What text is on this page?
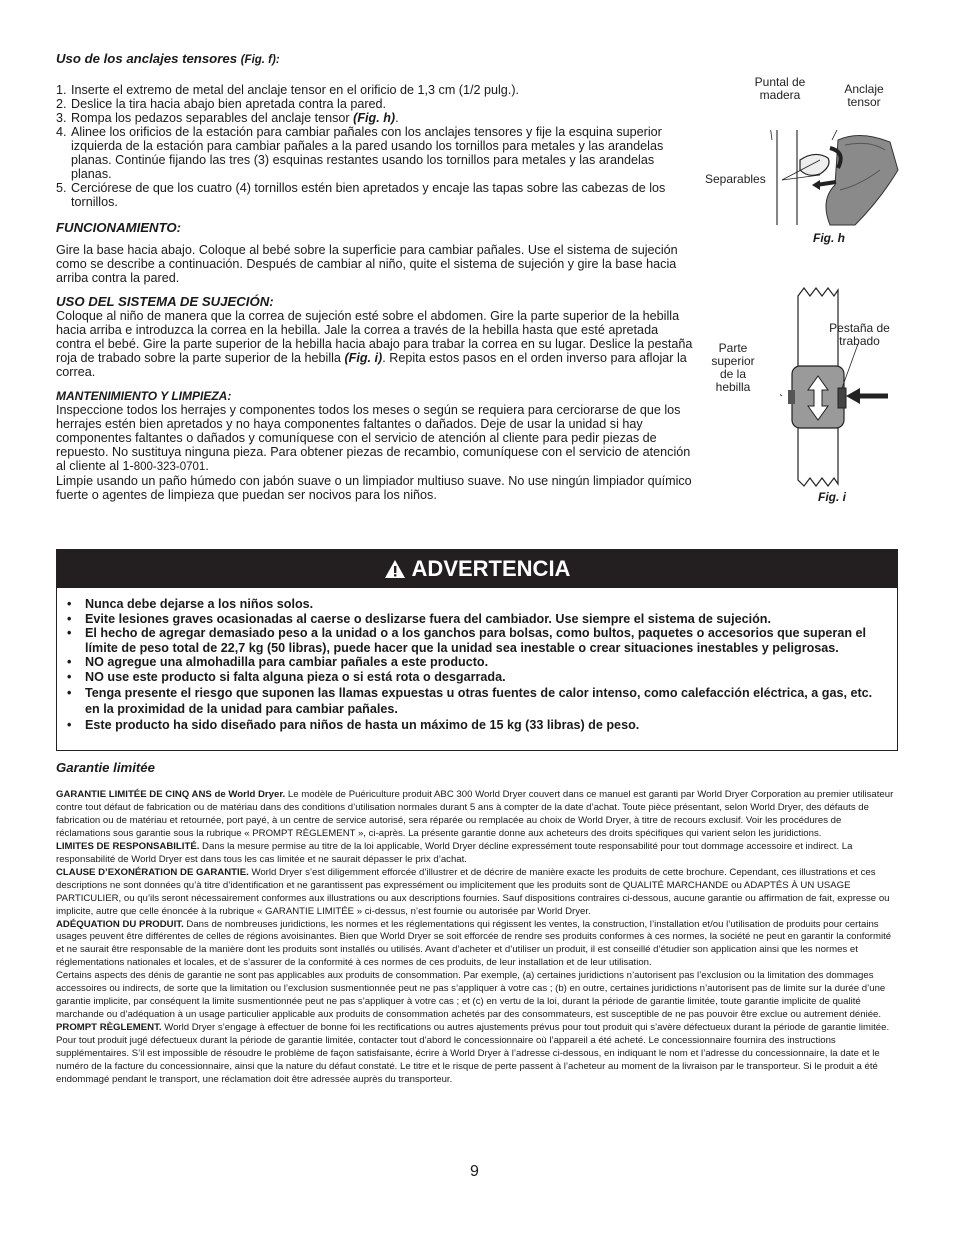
Uso de los anclajes tensores (Fig. f):
1. Inserte el extremo de metal del anclaje tensor en el orificio de 1,3 cm (1/2 pulg.).
2. Deslice la tira hacia abajo bien apretada contra la pared.
3. Rompa los pedazos separables del anclaje tensor (Fig. h).
4. Alinee los orificios de la estación para cambiar pañales con los anclajes tensores y fije la esquina superior izquierda de la estación para cambiar pañales a la pared usando los tornillos para metales y las arandelas planas. Continúe fijando las tres (3) esquinas restantes usando los tornillos para metales y las arandelas planas.
5. Cerciórese de que los cuatro (4) tornillos estén bien apretados y encaje las tapas sobre las cabezas de los tornillos.
FUNCIONAMIENTO:

Gire la base hacia abajo. Coloque al bebé sobre la superficie para cambiar pañales. Use el sistema de sujeción como se describe a continuación. Después de cambiar al niño, quite el sistema de sujeción y gire la base hacia arriba contra la pared.

USO DEL SISTEMA DE SUJECIÓN:

Coloque al niño de manera que la correa de sujeción esté sobre el abdomen. Gire la parte superior de la hebilla hacia arriba e introduzca la correa en la hebilla. Jale la correa a través de la hebilla hasta que esté apretada contra el bebé. Gire la parte superior de la hebilla hacia abajo para trabar la correa en su lugar. Deslice la pestaña roja de trabado sobre la parte superior de la hebilla (Fig. i). Repita estos pasos en el orden inverso para aflojar la correa.

MANTENIMIENTO Y LIMPIEZA:

Inspeccione todos los herrajes y componentes todos los meses o según se requiera para cerciorarse de que los herrajes estén bien apretados y no haya componentes faltantes o dañados. Deje de usar la unidad si hay componentes faltantes o dañados y comuníquese con el servicio de atención al cliente para pedir piezas de repuesto. No sustituya ninguna pieza. Para obtener piezas de recambio, comuníquese con el servicio de atención al cliente al 1-800-323-0701.

Limpie usando un paño húmedo con jabón suave o un limpiador multiuso suave. No use ningún limpiador químico fuerte o agentes de limpieza que puedan ser nocivos para los niños.

Puntal de madera	Anclaje tensor
Separables
Fig. h
Pestaña de trabado
Parte superior de la hebilla
Fig. i
ADVERTENCIA
• Nunca debe dejarse a los niños solos.
• Evite lesiones graves ocasionadas al caerse o deslizarse fuera del cambiador. Use siempre el sistema de sujeción.
• El hecho de agregar demasiado peso a la unidad o a los ganchos para bolsas, como bultos, paquetes o accesorios que superan el límite de peso total de 22,7 kg (50 libras), puede hacer que la unidad sea inestable o crear situaciones inestables y peligrosas.
• NO agregue una almohadilla para cambiar pañales a este producto.
• NO use este producto si falta alguna pieza o si está rota o desgarrada.
• Tenga presente el riesgo que suponen las llamas expuestas u otras fuentes de calor intenso, como calefacción eléctrica, a gas, etc. en la proximidad de la unidad para cambiar pañales.
• Este producto ha sido diseñado para niños de hasta un máximo de 15 kg (33 libras) de peso.
Garantie limitée

GARANTIE LIMITÉE DE CINQ ANS de World Dryer. Le modèle de Puériculture produit ABC 300 World Dryer couvert dans ce manuel est garanti par World Dryer Corporation au premier utilisateur contre tout défaut de fabrication ou de matériau dans des conditions d’utilisation normales durant 5 ans à compter de la date d’achat. Toute pièce présentant, selon World Dryer, des défauts de fabrication ou de matériau et retournée, port payé, à un centre de service autorisé, sera réparée ou remplacée au choix de World Dryer, à titre de recours exclusif. Voir les procédures de réclamations sous garantie sous la rubrique « PROMPT RÈGLEMENT », ci-après. La présente garantie donne aux acheteurs des droits spécifiques qui varient selon les juridictions.

LIMITES DE RESPONSABILITÉ. Dans la mesure permise au titre de la loi applicable, World Dryer décline expressément toute responsabilité pour tout dommage accessoire et indirect. La responsabilité de World Dryer est dans tous les cas limitée et ne saurait dépasser le prix d’achat.

CLAUSE D’EXONÉRATION DE GARANTIE. World Dryer s’est diligemment efforcée d’illustrer et de décrire de manière exacte les produits de cette brochure. Cependant, ces illustrations et ces descriptions ne sont données qu’à titre d’identification et ne garantissent pas expressément ou implicitement que les produits sont de QUALITÉ MARCHANDE ou ADAPTÉS À UN USAGE PARTICULIER, ou qu’ils seront nécessairement conformes aux illustrations ou aux descriptions fournies. Sauf dispositions contraires ci-dessous, aucune garantie ou affirmation de fait, expresse ou implicite, autre que celle énoncée à la rubrique « GARANTIE LIMITÉE » ci-dessus, n’est fournie ou autorisée par World Dryer.

ADÉQUATION DU PRODUIT. Dans de nombreuses juridictions, les normes et les réglementations qui régissent les ventes, la construction, l’installation et/ou l’utilisation de produits pour certains usages peuvent être différentes de celles de régions avoisinantes. Bien que World Dryer se soit efforcée de rendre ses produits conformes à ces normes, la société ne peut en garantir la conformité et ne saurait être responsable de la manière dont les produits sont installés ou utilisés. Avant d’acheter et d’utiliser un produit, il est conseillé d’étudier son application ainsi que les normes et réglementations nationales et locales, et de s’assurer de la conformité à ces normes de ces produits, de leur installation et de leur utilisation.

Certains aspects des dénis de garantie ne sont pas applicables aux produits de consommation. Par exemple, (a) certaines juridictions n’autorisent pas l’exclusion ou la limitation des dommages accessoires ou indirects, de sorte que la limitation ou l’exclusion susmentionnée peut ne pas s’appliquer à votre cas ; (b) en outre, certaines juridictions n’autorisent pas de limite sur la durée d’une garantie implicite, par conséquent la limite susmentionnée peut ne pas s’appliquer à votre cas ; et (c) en vertu de la loi, durant la période de garantie limitée, toute garantie implicite de qualité marchande ou d’adéquation à un usage particulier applicable aux produits de consommation achetés par des consommateurs, est susceptible de ne pas pouvoir être exclue ou autrement déniée.

PROMPT RÈGLEMENT. World Dryer s’engage à effectuer de bonne foi les rectifications ou autres ajustements prévus pour tout produit qui s’avère défectueux durant la période de garantie limitée. Pour tout produit jugé défectueux durant la période de garantie limitée, contacter tout d’abord le concessionnaire où l’appareil a été acheté. Le concessionnaire fournira des instructions supplémentaires. S’il est impossible de résoudre le problème de façon satisfaisante, écrire à World Dryer à l’adresse ci-dessous, en indiquant le nom et l’adresse du concessionnaire, la date et le numéro de la facture du concessionnaire, ainsi que la nature du défaut constaté. Le titre et le risque de perte passent à l’acheteur au moment de la livraison par le transporteur. Si le produit a été endommagé pendant le transport, une réclamation doit être adressée auprès du transporteur.

9
